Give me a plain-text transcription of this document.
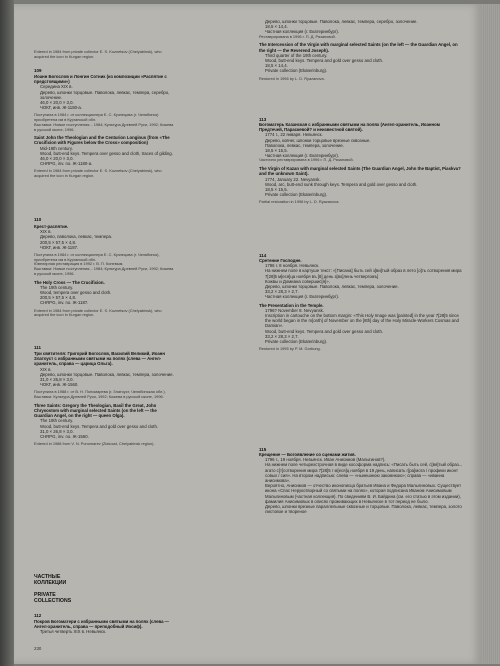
Entered in 1984 from private collector E. S. Kuznetsov (Chelyabinsk), who acquired the icon in Kurgan region.
109

Иоанн Богослов и Лонгин Сотник (из композиции «Распятие с предстоящими»)

Середина XIX в.

Дерево, шпонки торцовые. Паволока, левкас, темпера, серебро, золочение.

46,0 × 20,0 × 3,0.

ЧОКГ, инв. Ж-1180-а.

Поступила в 1984 г. от коллекционера Е. С. Кузнецова (г. Челябинск) приобретена им в Курганской обл.

Выставки: Новые поступления... 1984; Культура Древней Руси, 1992; Кожева в русской иконе, 1996.

Saint John the Theologian and the Centurion Longinus (from «The Crucifixion with Figures below the Cross» composition)

Mid-19th century.

Wood, butt-end keys. Tempera over gesso and cloth, traces of gilding.

46,0 × 20,0 × 3,0.

CHRPG, inv. no. Ж-1180-а.

Entered in 1984 from private collector E. S. Kuznetsov (Chelyabinsk), who acquired the icon in Kurgan region.

110

Крест-распятие.

XIX в.

Дерево, паволока, левкас, темпера.

200,5 × 57,5 × 4,8.

ЧОКГ, инв. Ж-1187.

Поступила в 1984 г. от коллекционера Е. С. Кузнецова (г. Челябинск), приобретена им в Курганской обл.

Ювелирная реставрация в 1992 г. В. П. Коневым.

Выставки: Новые поступления... 1984; Культура Древней Руси, 1992; Кожева в русской иконе, 1996.

The Holy Cross — The Crucifixion.

The 19th century.

Wood, tempera over gesso and cloth.

200,5 × 57,5 × 4,8.

CHRPG, inv. no. Ж-1187.

Entered in 1984 from private collector E. S. Kuznetsov (Chelyabinsk), who acquired the icon in Kurgan region.

111

Три святителя: Григорий Богослов, Василий Великий, Иоанн Златоуст с избранными святыми на полях (слева — Ангел-хранитель, справа — царица Ольга).

XIX в.

Дерево, шпонки торцовые. Паволока, левкас, темпера, золочение.

31,0 × 26,8 × 3,0.

ЧОКГ, инв. Ж-1560.

Поступила в 1988 г. от В. Н. Пономарева (г. Златоуст, Челябинская обл.).

Выставки: Культура Древней Руси, 1992; Кожева в русской иконе, 1996.

Three Saints: Gregory the Theologian, Basil the Great, John Chrysostom with marginal selected Saints (on the left — the Guardian Angel, on the right — queen Olga).

The 19th century.

Wood, butt-end keys. Tempera and gold over gesso and cloth.

31,0 × 26,8 × 3,0.

CHRPG, inv. no. Ж-1560.

Entered in 1988 from V. N. Ponomarev (Zlatoust, Chelyabinsk region).

ЧАСТНЫЕ

КОЛЛЕКЦИИ

PRIVATE

COLLECTIONS

112

Покров Богоматери с избранными святыми на полях (слева — Ангел-хранитель, справа — преподобный Иосиф).

Третья четверть XIX в. Невьянск.

230

Дерево, шпонки торцовые. Паволока, левкас, темпера, серебро, золочение.

18,5 × 14,4.

Частная коллекция (г. Екатеринбург).

Реставрирована в 1996 г. П. Д. Рязановой.

The Intercession of the Virgin with marginal selected Saints (on the left — the Guardian Angel, on the right — the Reverend Joseph).

Third quarter of the 19th century.

Wood, butt-end keys. Tempera and gold over gesso and cloth.

18,5 × 14,4.

Private collection (Ekaterinburg).

Restored in 1996 by L. D. Ryazanova.

113

Богоматерь Казанская с избранными святыми на полях (Ангел-хранитель, Иоанном Предтечей, Параскевой? и неизвестной святой).

1774 г., 22 января. Невьянск.

Дерево, ковчег, шпонки торцовые врезные сквозные.

Паволока, левкас, темпера, золочение.

18,5 × 15,5.

Частная коллекция (г. Екатеринбург).

Частично реставрирована в 1996 г. П. Д. Рязановой.

The Virgin of Kazan with marginal selected Saints (The Guardian Angel, John the Baptist, Piaskva? and the unknown Saint).

1774, January 22. Nevyansk.

Wood, arc, butt-end sunk through keys. Tempera and gold over gesso and cloth.

18,5 × 15,5.

Private collection (Ekaterinburg).

Partial restoration in 1996 by L. D. Ryazanova.

114

Сретение Господне.

1796 г. 8 ноября. Невьянск.

На нижнем поле в картуше текст: «[Писана] быть сей з[ви]тый образ в лето [о]ть сотворения мира 7[28]5 м[еся]ца ноября въ [8] день з[во]лень четвергомъ]

Кожвы и Домиана совершис[я]».

Дерево, шпонки торцовые. Паволока, левкас, темпера, золочение.

33,2 × 28,3 × 2,7.

Частная коллекция (г. Екатеринбург).

The Presentation in the Temple.

1796? November 8. Nevyansk.

Inscription in cartouche on the bottom margin: «This Holy Image was [painted] in the year 7[28]5 since the world began in the m[onth] of November on the [8th] day of the Holy Miracle-Workers Cosmas and Damian».

Wood, butt-end keys. Tempera and gold over gesso and cloth.

33,2 × 28,3 × 2,7.

Private collection (Ekaterinburg).

Restored in 1995 by P. M. Gorbung.

115

Крещение — Богоявление со сценами жития.

1796 г., 19 ноября. Невьянск. Иван Анисимов (Малыгинов?).

На нижнем поле четырехстрочная в виде кософорма надпись: «Писать быть сей, с[вя]тый образ... агато с[т]сотворения мира 7[28]5 г м[еся]ц ноября в 19 день, написать г[ра]мота / профеки иконт совых / сия». На втором надписью: слева — «нынешнюю закомнкою»; справа — «иванна анисимова».

Вероятно, Анисимов — отчество иконописца братьев Ивана и Федора Малыгиновых. Существует икона «Спас Нерукотворный со святыми на полях», которая подписана Иваном Анисимовым Малыгиновым (частная коллекция). По сведениям В. И. Байдина (см. его статью в этом издании), фамилия Анисимовых в описях проживающих в Невьянске в тот период не было.

Дерево, шпонки врезные параллельные сквозные и торцовые. Паволока, левкас, темпера, золото листовое и твореное
